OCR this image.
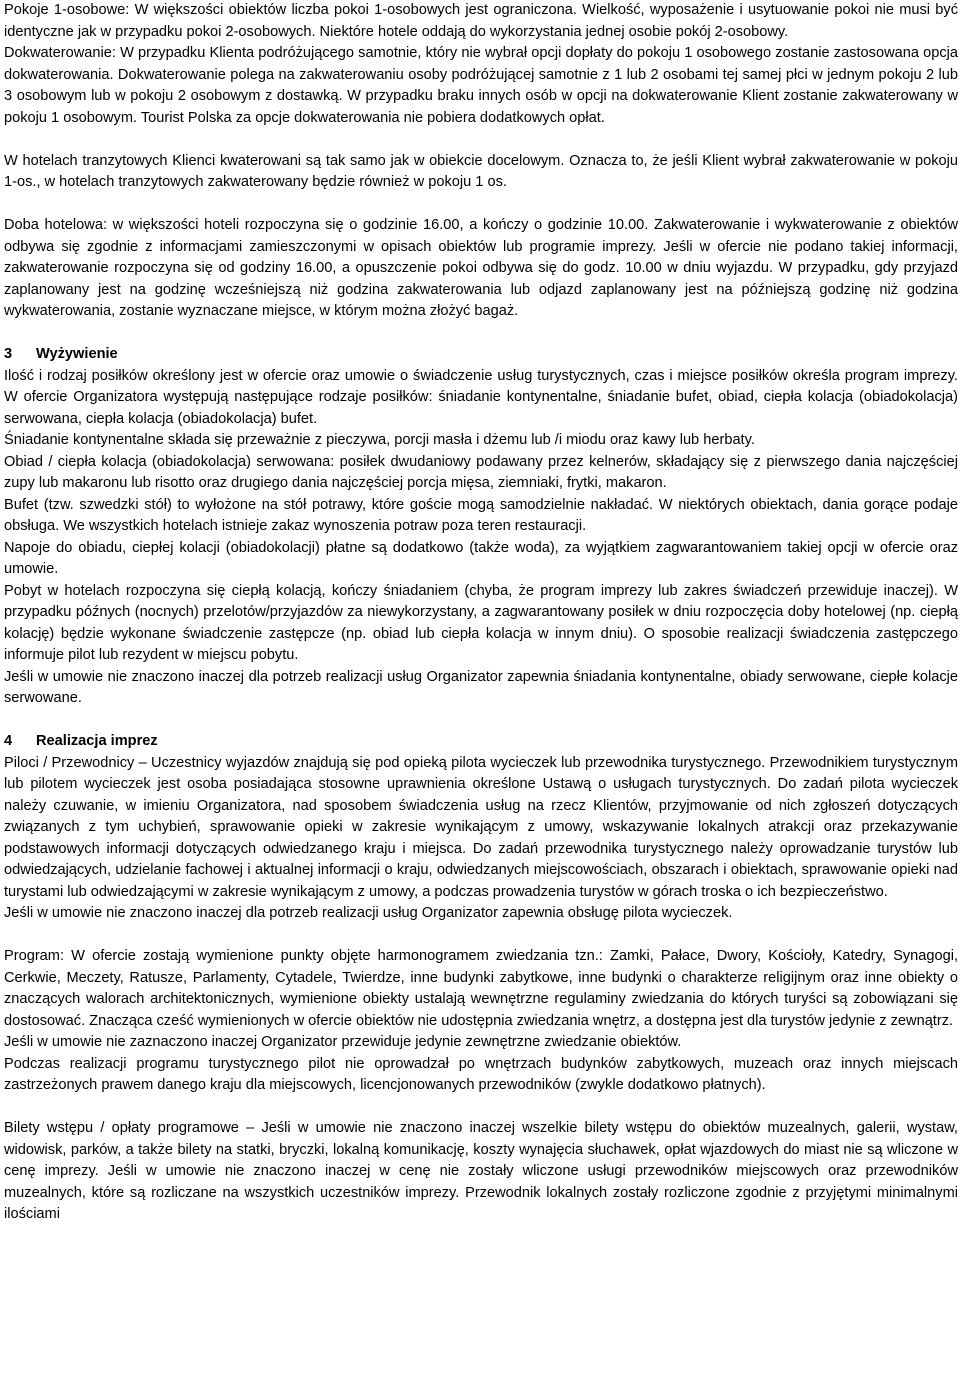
Pokoje 1-osobowe: W większości obiektów liczba pokoi 1-osobowych jest ograniczona. Wielkość, wyposażenie i usytuowanie pokoi nie musi być identyczne jak w przypadku pokoi 2-osobowych. Niektóre hotele oddają do wykorzystania jednej osobie pokój 2-osobowy.

Dokwaterowanie: W przypadku Klienta podróżującego samotnie, który nie wybrał opcji dopłaty do pokoju 1 osobowego zostanie zastosowana opcja dokwaterowania. Dokwaterowanie polega na zakwaterowaniu osoby podróżującej samotnie z 1 lub 2 osobami tej samej płci w jednym pokoju 2 lub 3 osobowym lub w pokoju 2 osobowym z dostawką. W przypadku braku innych osób w opcji na dokwaterowanie Klient zostanie zakwaterowany w pokoju 1 osobowym. Tourist Polska za opcje dokwaterowania nie pobiera dodatkowych opłat.

W hotelach tranzytowych Klienci kwaterowani są tak samo jak w obiekcie docelowym. Oznacza to, że jeśli Klient wybrał zakwaterowanie w pokoju 1-os., w hotelach tranzytowych zakwaterowany będzie również w pokoju 1 os.

Doba hotelowa: w większości hoteli rozpoczyna się o godzinie 16.00, a kończy o godzinie 10.00. Zakwaterowanie i wykwaterowanie z obiektów odbywa się zgodnie z informacjami zamieszczonymi w opisach obiektów lub programie imprezy. Jeśli w ofercie nie podano takiej informacji, zakwaterowanie rozpoczyna się od godziny 16.00, a opuszczenie pokoi odbywa się do godz. 10.00 w dniu wyjazdu. W przypadku, gdy przyjazd zaplanowany jest na godzinę wcześniejszą niż godzina zakwaterowania lub odjazd zaplanowany jest na późniejszą godzinę niż godzina wykwaterowania, zostanie wyznaczane miejsce, w którym można złożyć bagaż.

3 Wyżywienie

Ilość i rodzaj posiłków określony jest w ofercie oraz umowie o świadczenie usług turystycznych, czas i miejsce posiłków określa program imprezy. W ofercie Organizatora występują następujące rodzaje posiłków: śniadanie kontynentalne, śniadanie bufet, obiad, ciepła kolacja (obiadokolacja) serwowana, ciepła kolacja (obiadokolacja) bufet.

Śniadanie kontynentalne składa się przeważnie z pieczywa, porcji masła i dżemu lub /i miodu oraz kawy lub herbaty.

Obiad / ciepła kolacja (obiadokolacja) serwowana: posiłek dwudaniowy podawany przez kelnerów, składający się z pierwszego dania najczęściej zupy lub makaronu lub risotto oraz drugiego dania najczęściej porcja mięsa, ziemniaki, frytki, makaron.

Bufet (tzw. szwedzki stół) to wyłożone na stół potrawy, które goście mogą samodzielnie nakładać. W niektórych obiektach, dania gorące podaje obsługa. We wszystkich hotelach istnieje zakaz wynoszenia potraw poza teren restauracji.

Napoje do obiadu, ciepłej kolacji (obiadokolacji) płatne są dodatkowo (także woda), za wyjątkiem zagwarantowaniem takiej opcji w ofercie oraz umowie.

Pobyt w hotelach rozpoczyna się ciepłą kolacją, kończy śniadaniem (chyba, że program imprezy lub zakres świadczeń przewiduje inaczej). W przypadku późnych (nocnych) przelotów/przyjazdów za niewykorzystany, a zagwarantowany posiłek w dniu rozpoczęcia doby hotelowej (np. ciepłą kolację) będzie wykonane świadczenie zastępcze (np. obiad lub ciepła kolacja w innym dniu). O sposobie realizacji świadczenia zastępczego informuje pilot lub rezydent w miejscu pobytu.

Jeśli w umowie nie znaczono inaczej dla potrzeb realizacji usług Organizator zapewnia śniadania kontynentalne, obiady serwowane, ciepłe kolacje serwowane.

4 Realizacja imprez

Piloci / Przewodnicy – Uczestnicy wyjazdów znajdują się pod opieką pilota wycieczek lub przewodnika turystycznego. Przewodnikiem turystycznym lub pilotem wycieczek jest osoba posiadająca stosowne uprawnienia określone Ustawą o usługach turystycznych. Do zadań pilota wycieczek należy czuwanie, w imieniu Organizatora, nad sposobem świadczenia usług na rzecz Klientów, przyjmowanie od nich zgłoszeń dotyczących związanych z tym uchybień, sprawowanie opieki w zakresie wynikającym z umowy, wskazywanie lokalnych atrakcji oraz przekazywanie podstawowych informacji dotyczących odwiedzanego kraju i miejsca. Do zadań przewodnika turystycznego należy oprowadzanie turystów lub odwiedzających, udzielanie fachowej i aktualnej informacji o kraju, odwiedzanych miejscowościach, obszarach i obiektach, sprawowanie opieki nad turystami lub odwiedzającymi w zakresie wynikającym z umowy, a podczas prowadzenia turystów w górach troska o ich bezpieczeństwo.

Jeśli w umowie nie znaczono inaczej dla potrzeb realizacji usług Organizator zapewnia obsługę pilota wycieczek.

Program: W ofercie zostają wymienione punkty objęte harmonogramem zwiedzania tzn.: Zamki, Pałace, Dwory, Kościoły, Katedry, Synagogi, Cerkwie, Meczety, Ratusze, Parlamenty, Cytadele, Twierdze, inne budynki zabytkowe, inne budynki o charakterze religijnym oraz inne obiekty o znaczących walorach architektonicznych, wymienione obiekty ustalają wewnętrzne regulaminy zwiedzania do których turyści są zobowiązani się dostosować. Znacząca cześć wymienionych w ofercie obiektów nie udostępnia zwiedzania wnętrz, a dostępna jest dla turystów jedynie z zewnątrz.

Jeśli w umowie nie zaznaczono inaczej Organizator przewiduje jedynie zewnętrzne zwiedzanie obiektów.

Podczas realizacji programu turystycznego pilot nie oprowadzał po wnętrzach budynków zabytkowych, muzeach oraz innych miejscach zastrzeżonych prawem danego kraju dla miejscowych, licencjonowanych przewodników (zwykle dodatkowo płatnych).

Bilety wstępu / opłaty programowe – Jeśli w umowie nie znaczono inaczej wszelkie bilety wstępu do obiektów muzealnych, galerii, wystaw, widowisk, parków, a także bilety na statki, bryczki, lokalną komunikację, koszty wynajęcia słuchawek, opłat wjazdowych do miast nie są wliczone w cenę imprezy. Jeśli w umowie nie znaczono inaczej w cenę nie zostały wliczone usługi przewodników miejscowych oraz przewodników muzealnych, które są rozliczane na wszystkich uczestników imprezy. Przewodnik lokalnych zostały rozliczone zgodnie z przyjętymi minimalnymi ilościami
